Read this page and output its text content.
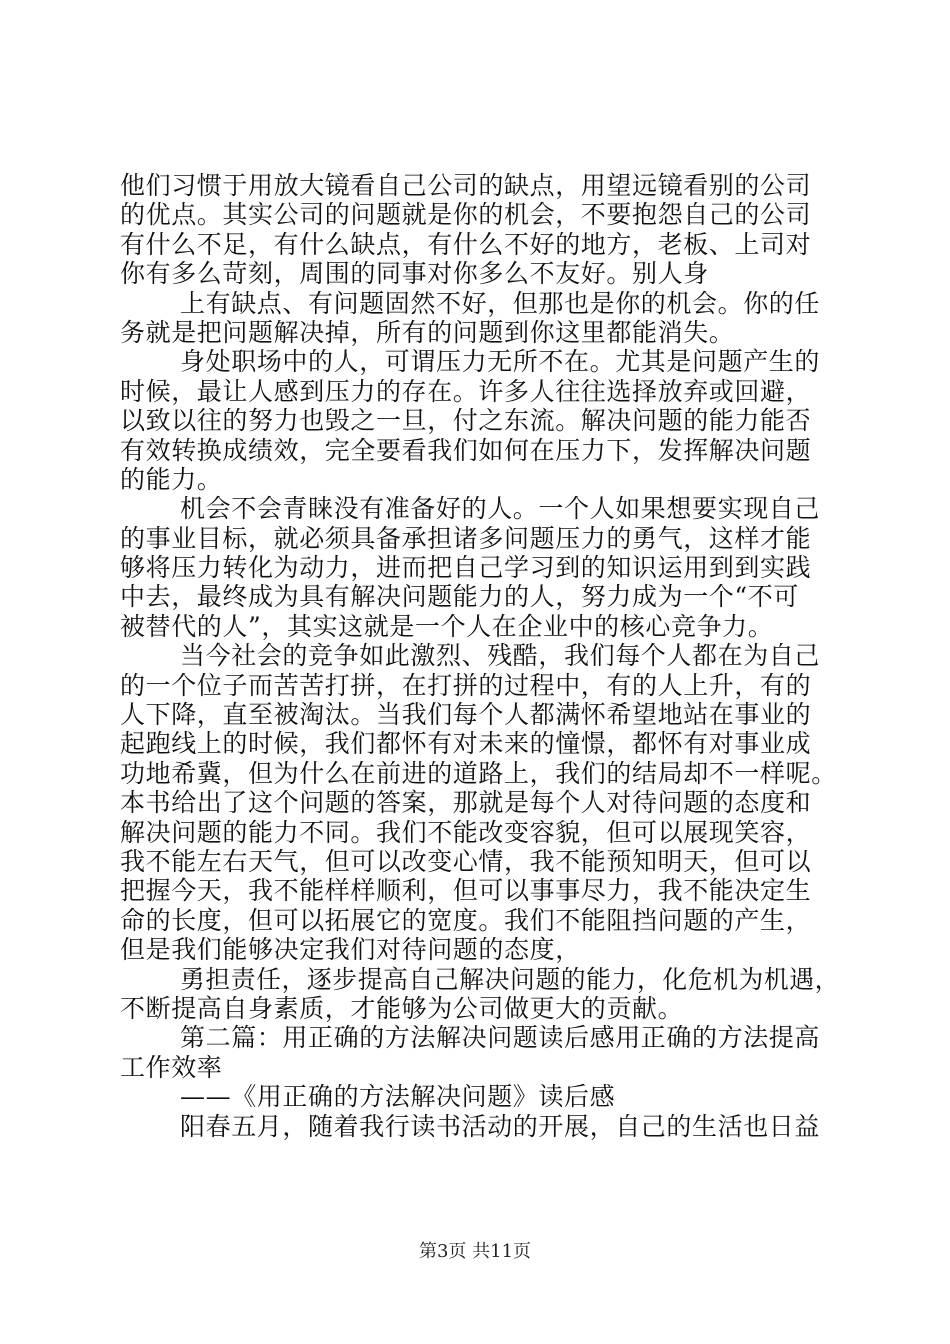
他们习惯于用放大镜看自己公司的缺点，用望远镜看别的公司
的优点。其实公司的问题就是你的机会，不要抱怨自己的公司
有什么不足，有什么缺点，有什么不好的地方，老板、上司对
你有多么苛刻，周围的同事对你多么不友好。别人身
上有缺点、有问题固然不好，但那也是你的机会。你的任
务就是把问题解决掉，所有的问题到你这里都能消失。
身处职场中的人，可谓压力无所不在。尤其是问题产生的
时候，最让人感到压力的存在。许多人往往选择放弃或回避，
以致以往的努力也毁之一旦，付之东流。解决问题的能力能否
有效转换成绩效，完全要看我们如何在压力下，发挥解决问题
的能力。
机会不会青睐没有准备好的人。一个人如果想要实现自己
的事业目标，就必须具备承担诸多问题压力的勇气，这样才能
够将压力转化为动力，进而把自己学习到的知识运用到到实践
中去，最终成为具有解决问题能力的人，努力成为一个“不可
被替代的人”，其实这就是一个人在企业中的核心竞争力。
当今社会的竞争如此激烈、残酷，我们每个人都在为自己
的一个位子而苦苦打拼，在打拼的过程中，有的人上升，有的
人下降，直至被淘汰。当我们每个人都满怀希望地站在事业的
起跑线上的时候，我们都怀有对未来的憧憬，都怀有对事业成
功地希冀，但为什么在前进的道路上，我们的结局却不一样呢。
本书给出了这个问题的答案，那就是每个人对待问题的态度和
解决问题的能力不同。我们不能改变容貌，但可以展现笑容，
我不能左右天气，但可以改变心情，我不能预知明天，但可以
把握今天，我不能样样顺利，但可以事事尽力，我不能决定生
命的长度，但可以拓展它的宽度。我们不能阻挡问题的产生，
但是我们能够决定我们对待问题的态度，
勇担责任，逐步提高自己解决问题的能力，化危机为机遇，
不断提高自身素质，才能够为公司做更大的贡献。
第二篇：用正确的方法解决问题读后感用正确的方法提高
工作效率
——《用正确的方法解决问题》读后感
阳春五月，随着我行读书活动的开展，自己的生活也日益
第3页 共11页
